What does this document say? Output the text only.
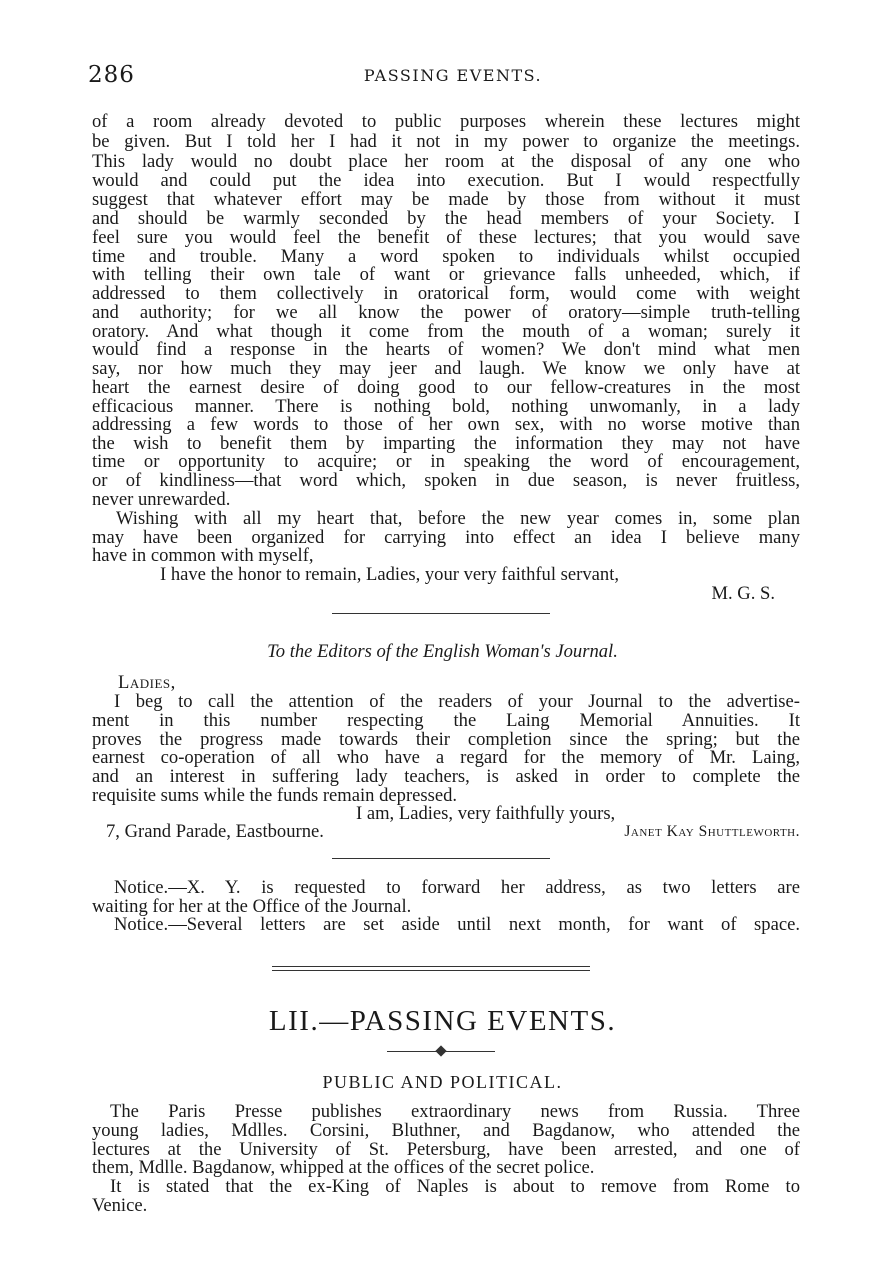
286	PASSING EVENTS.
of a room already devoted to public purposes wherein these lectures might
be given. But I told her I had it not in my power to organize the meetings.
This lady would no doubt place her room at the disposal of any one who
would and could put the idea into execution. But I would respectfully
suggest that whatever effort may be made by those from without it must
and should be warmly seconded by the head members of your Society. I
feel sure you would feel the benefit of these lectures; that you would save
time and trouble. Many a word spoken to individuals whilst occupied
with telling their own tale of want or grievance falls unheeded, which, if
addressed to them collectively in oratorical form, would come with weight
and authority; for we all know the power of oratory—simple truth-telling
oratory. And what though it come from the mouth of a woman; surely it
would find a response in the hearts of women? We don't mind what men
say, nor how much they may jeer and laugh. We know we only have at
heart the earnest desire of doing good to our fellow-creatures in the most
efficacious manner. There is nothing bold, nothing unwomanly, in a lady
addressing a few words to those of her own sex, with no worse motive than
the wish to benefit them by imparting the information they may not have
time or opportunity to acquire; or in speaking the word of encouragement,
or of kindliness—that word which, spoken in due season, is never fruitless,
never unrewarded.
Wishing with all my heart that, before the new year comes in, some plan
may have been organized for carrying into effect an idea I believe many
have in common with myself,
I have the honor to remain, Ladies, your very faithful servant,
M. G. S.
To the Editors of the English Woman's Journal.
Ladies,
I beg to call the attention of the readers of your Journal to the advertise-
ment in this number respecting the Laing Memorial Annuities. It
proves the progress made towards their completion since the spring; but the
earnest co-operation of all who have a regard for the memory of Mr. Laing,
and an interest in suffering lady teachers, is asked in order to complete the
requisite sums while the funds remain depressed.
I am, Ladies, very faithfully yours,
7, Grand Parade, Eastbourne.	Janet Kay Shuttleworth.
Notice.—X. Y. is requested to forward her address, as two letters are
waiting for her at the Office of the Journal.
Notice.—Several letters are set aside until next month, for want of space.
LII.—PASSING EVENTS.
PUBLIC AND POLITICAL.
The Paris Presse publishes extraordinary news from Russia. Three
young ladies, Mdlles. Corsini, Bluthner, and Bagdanow, who attended the
lectures at the University of St. Petersburg, have been arrested, and one of
them, Mdlle. Bagdanow, whipped at the offices of the secret police.
It is stated that the ex-King of Naples is about to remove from Rome to
Venice.
